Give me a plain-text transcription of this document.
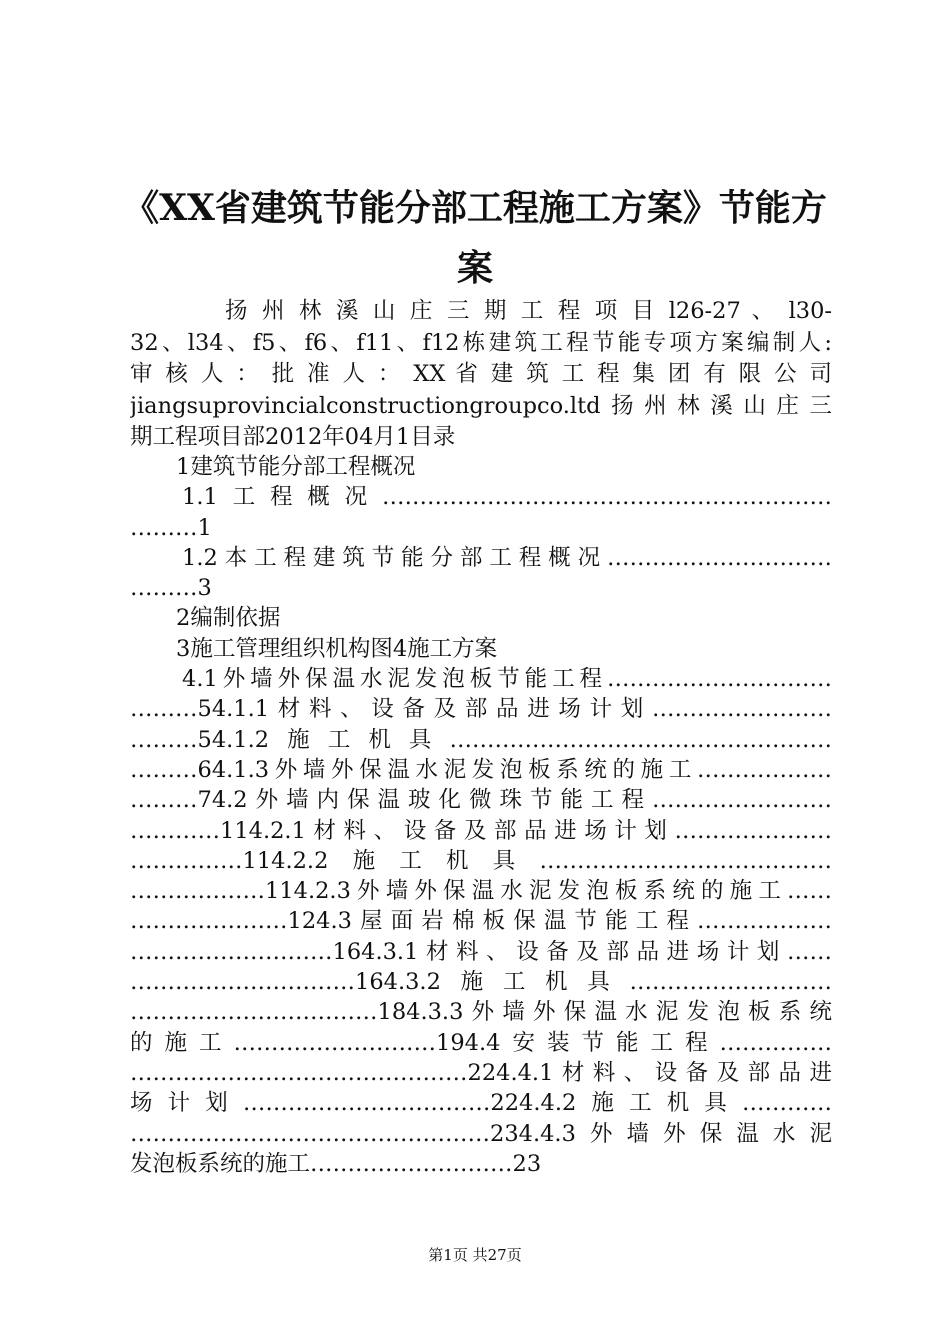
《XX省建筑节能分部工程施工方案》节能方
案
扬 州 林 溪 山 庄 三 期 工 程 项 目 l26-27 、 l30-
32、l34、f5、f6、f11、f12栋建筑工程节能专项方案编制人:
审 核 人 ： 批 准 人 ： XX 省 建 筑 工 程 集 团 有 限 公 司
jiangsuprovincialconstructiongroupco.ltd扬州林溪山庄三
期工程项目部2012年04月1目录
1建筑节能分部工程概况
1.1工程概况……………………………………………………
………1
1.2本工程建筑节能分部工程概况…………………………
………3
2编制依据
3施工管理组织机构图4施工方案
4.1外墙外保温水泥发泡板节能工程…………………………
………54.1.1材料、设备及部品进场计划……………………
………54.1.2施工机具……………………………………………
………64.1.3外墙外保温水泥发泡板系统的施工………………
………74.2外墙内保温玻化微珠节能工程……………………
…………114.2.1材料、设备及部品进场计划…………………
……………114.2.2施工机具…………………………………
………………114.2.3外墙外保温水泥发泡板系统的施工……
…………………124.3屋面岩棉板保温节能工程………………
………………………164.3.1材料、设备及部品进场计划……
…………………………164.3.2施工机具………………………
……………………………184.3.3外墙外保温水泥发泡板系统
的施工………………………194.4安装节能工程……………
………………………………………224.4.1材料、设备及部品进
场计划……………………………224.4.2施工机具…………
…………………………………………234.4.3外墙外保温水泥
发泡板系统的施工………………………23
第1页 共27页
